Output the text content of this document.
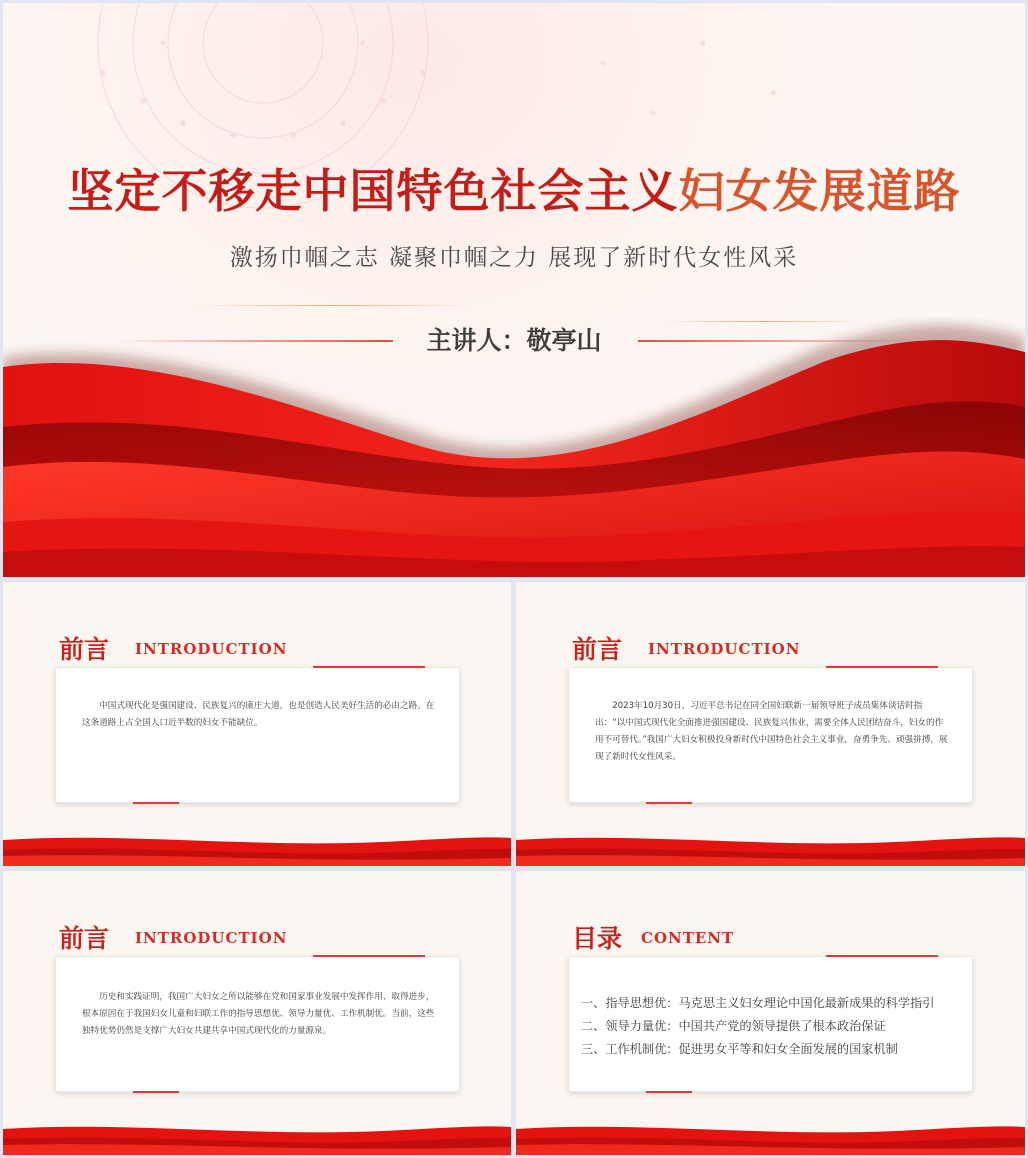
坚定不移走中国特色社会主义妇女发展道路
激扬巾帼之志 凝聚巾帼之力 展现了新时代女性风采
主讲人：敬亭山
前言 INTRODUCTION
中国式现代化是强国建设、民族复兴的康庄大道，也是创造人民美好生活的必由之路。在这条道路上占全国人口近半数的妇女不能缺位。
前言 INTRODUCTION
2023年10月30日，习近平总书记在同全国妇联新一届领导班子成员集体谈话时指出：“以中国式现代化全面推进强国建设、民族复兴伟业，需要全体人民团结奋斗，妇女的作用不可替代。”我国广大妇女积极投身新时代中国特色社会主义事业，奋勇争先、顽强拼搏，展现了新时代女性风采。
前言 INTRODUCTION
历史和实践证明，我国广大妇女之所以能够在党和国家事业发展中发挥作用、取得进步，根本原因在于我国妇女儿童和妇联工作的指导思想优、领导力量优、工作机制优。当前，这些独特优势仍然是支撑广大妇女共建共享中国式现代化的力量源泉。
目录 CONTENT
一、指导思想优：马克思主义妇女理论中国化最新成果的科学指引
二、领导力量优：中国共产党的领导提供了根本政治保证
三、工作机制优：促进男女平等和妇女全面发展的国家机制
